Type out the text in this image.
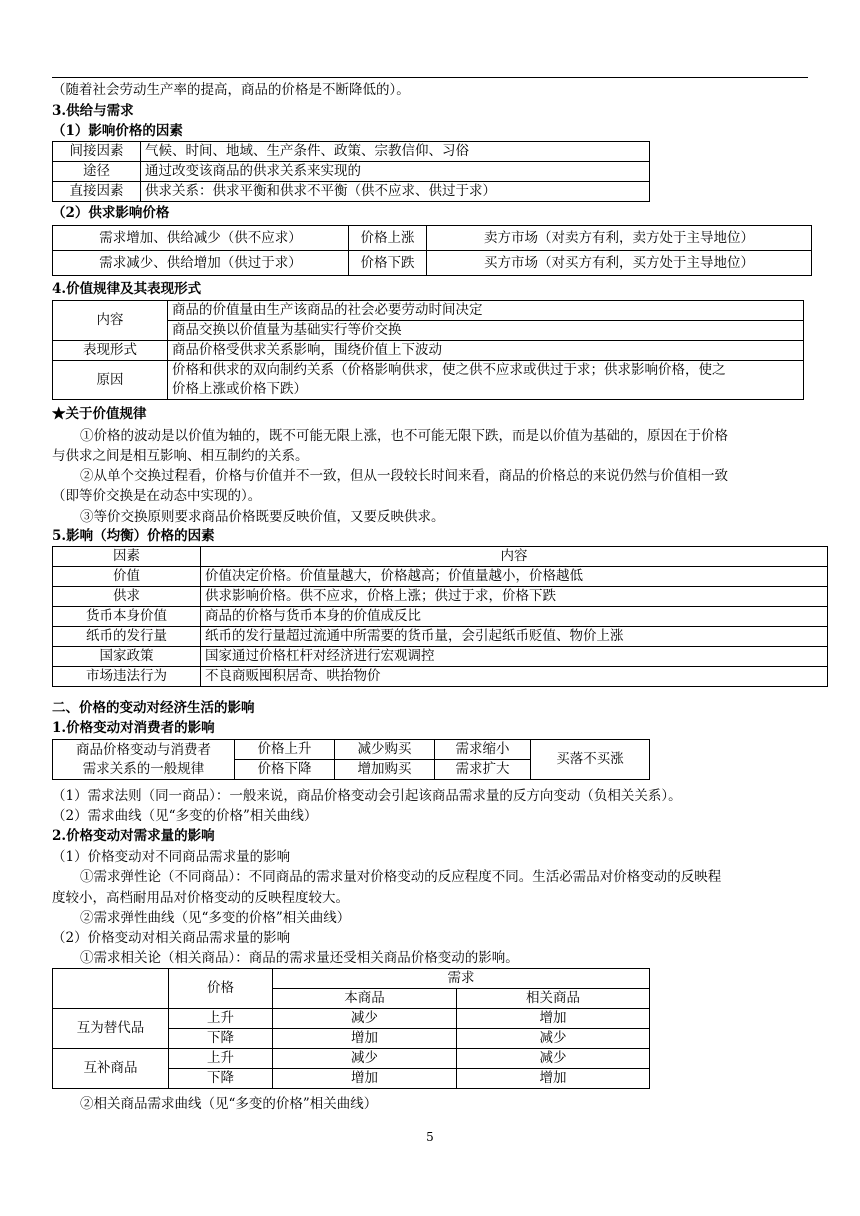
（随着社会劳动生产率的提高，商品的价格是不断降低的）。
3.供给与需求
（1）影响价格的因素
间接因素	气候、时间、地域、生产条件、政策、宗教信仰、习俗
途径	通过改变该商品的供求关系来实现的
直接因素	供求关系：供求平衡和供求不平衡（供不应求、供过于求）
（2）供求影响价格
需求增加、供给减少（供不应求）	价格上涨	卖方市场（对卖方有利，卖方处于主导地位）
需求减少、供给增加（供过于求）	价格下跌	买方市场（对买方有利，买方处于主导地位）
4.价值规律及其表现形式
内容	商品的价值量由生产该商品的社会必要劳动时间决定
	商品交换以价值量为基础实行等价交换
表现形式	商品价格受供求关系影响，围绕价值上下波动
原因	价格和供求的双向制约关系（价格影响供求，使之供不应求或供过于求；供求影响价格，使之
价格上涨或价格下跌）
★关于价值规律
①价格的波动是以价值为轴的，既不可能无限上涨，也不可能无限下跌，而是以价值为基础的，原因在于价格
与供求之间是相互影响、相互制约的关系。
②从单个交换过程看，价格与价值并不一致，但从一段较长时间来看，商品的价格总的来说仍然与价值相一致
（即等价交换是在动态中实现的）。
③等价交换原则要求商品价格既要反映价值，又要反映供求。
5.影响（均衡）价格的因素
因素	内容
价值	价值决定价格。价值量越大，价格越高；价值量越小，价格越低
供求	供求影响价格。供不应求，价格上涨；供过于求，价格下跌
货币本身价值	商品的价格与货币本身的价值成反比
纸币的发行量	纸币的发行量超过流通中所需要的货币量，会引起纸币贬值、物价上涨
国家政策	国家通过价格杠杆对经济进行宏观调控
市场违法行为	不良商贩囤积居奇、哄抬物价
二、价格的变动对经济生活的影响
1.价格变动对消费者的影响
商品价格变动与消费者
需求关系的一般规律	价格上升	减少购买	需求缩小	买落不买涨
	价格下降	增加购买	需求扩大	
（1）需求法则（同一商品）：一般来说，商品价格变动会引起该商品需求量的反方向变动（负相关关系）。
（2）需求曲线（见“多变的价格”相关曲线）
2.价格变动对需求量的影响
（1）价格变动对不同商品需求量的影响
①需求弹性论（不同商品）：不同商品的需求量对价格变动的反应程度不同。生活必需品对价格变动的反映程
度较小，高档耐用品对价格变动的反映程度较大。
②需求弹性曲线（见“多变的价格”相关曲线）
（2）价格变动对相关商品需求量的影响
①需求相关论（相关商品）：商品的需求量还受相关商品价格变动的影响。
	价格	需求	
		本商品	相关商品
互为替代品	上升	减少	增加
	下降	增加	减少
互补商品	上升	减少	减少
	下降	增加	增加
②相关商品需求曲线（见“多变的价格”相关曲线）
5
